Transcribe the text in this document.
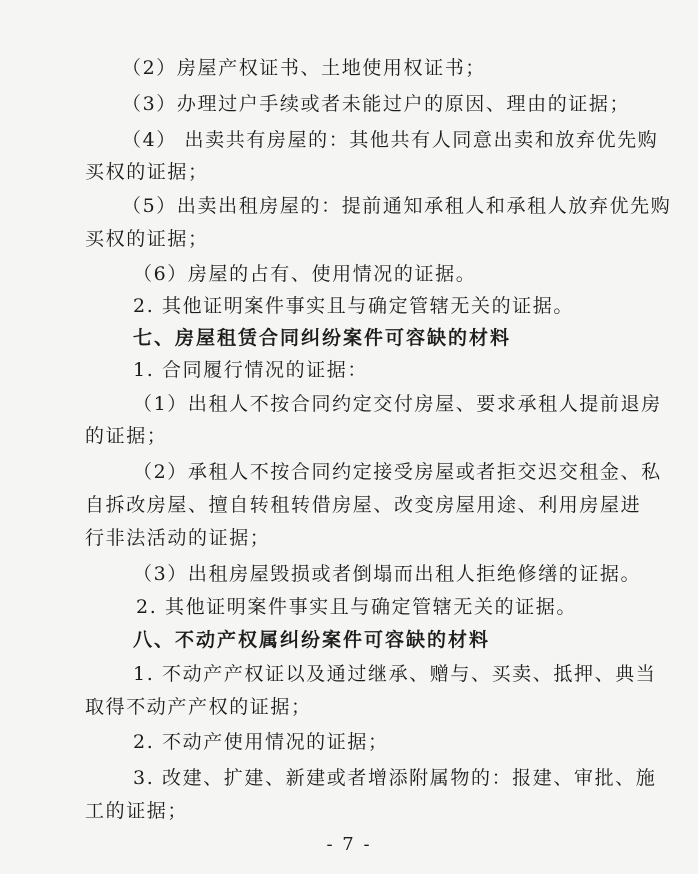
（2）房屋产权证书、土地使用权证书；
（3）办理过户手续或者未能过户的原因、理由的证据；
（4） 出卖共有房屋的：其他共有人同意出卖和放弃优先购
买权的证据；
（5）出卖出租房屋的：提前通知承租人和承租人放弃优先购
买权的证据；
（6）房屋的占有、使用情况的证据。
2. 其他证明案件事实且与确定管辖无关的证据。
七、房屋租赁合同纠纷案件可容缺的材料
1. 合同履行情况的证据：
（1）出租人不按合同约定交付房屋、要求承租人提前退房
的证据；
（2）承租人不按合同约定接受房屋或者拒交迟交租金、私
自拆改房屋、擅自转租转借房屋、改变房屋用途、利用房屋进
行非法活动的证据；
（3）出租房屋毁损或者倒塌而出租人拒绝修缮的证据。
2. 其他证明案件事实且与确定管辖无关的证据。
八、不动产权属纠纷案件可容缺的材料
1. 不动产产权证以及通过继承、赠与、买卖、抵押、典当
取得不动产产权的证据；
2. 不动产使用情况的证据；
3. 改建、扩建、新建或者增添附属物的：报建、审批、施
工的证据；
- 7 -
